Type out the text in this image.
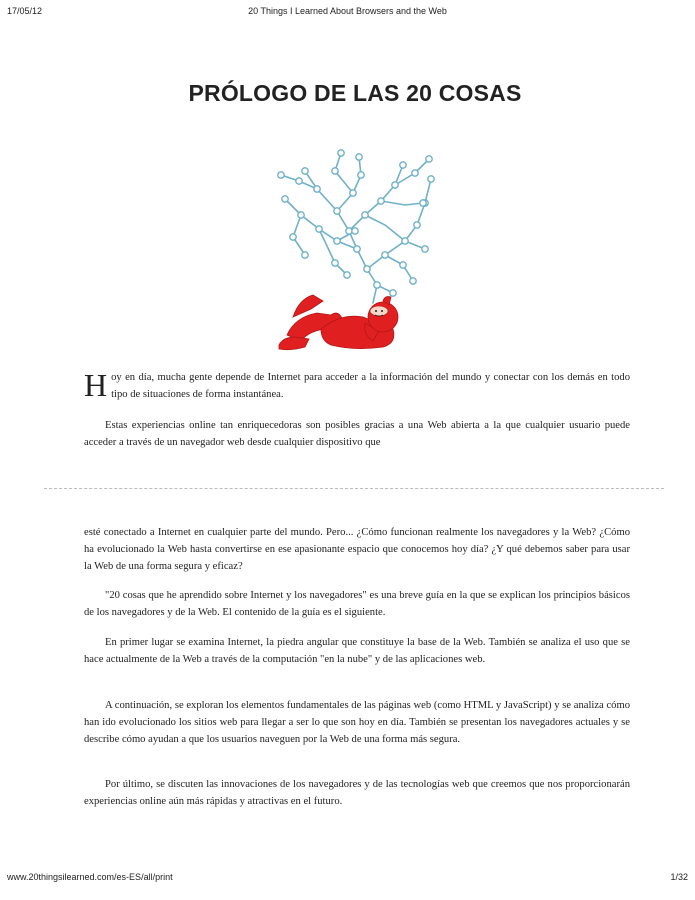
17/05/12	20 Things I Learned About Browsers and the Web
PRÓLOGO DE LAS 20 COSAS
H oy en día, mucha gente depende de Internet para acceder a la información del mundo y conectar con los demás en todo tipo de situaciones de forma instantánea.

Estas experiencias online tan enriquecedoras son posibles gracias a una Web abierta a la que cualquier usuario puede acceder a través de un navegador web desde cualquier dispositivo que

esté conectado a Internet en cualquier parte del mundo. Pero... ¿Cómo funcionan realmente los navegadores y la Web? ¿Cómo ha evolucionado la Web hasta convertirse en ese apasionante espacio que conocemos hoy día? ¿Y qué debemos saber para usar la Web de una forma segura y eficaz?

"20 cosas que he aprendido sobre Internet y los navegadores" es una breve guía en la que se explican los principios básicos de los navegadores y de la Web. El contenido de la guía es el siguiente.

En primer lugar se examina Internet, la piedra angular que constituye la base de la Web. También se analiza el uso que se hace actualmente de la Web a través de la computación "en la nube" y de las aplicaciones web.

A continuación, se exploran los elementos fundamentales de las páginas web (como HTML y JavaScript) y se analiza cómo han ido evolucionado los sitios web para llegar a ser lo que son hoy en día. También se presentan los navegadores actuales y se describe cómo ayudan a que los usuarios naveguen por la Web de una forma más segura.

Por último, se discuten las innovaciones de los navegadores y de las tecnologías web que creemos que nos proporcionarán experiencias online aún más rápidas y atractivas en el futuro.

www.20thingsilearned.com/es-ES/all/print	1/32
